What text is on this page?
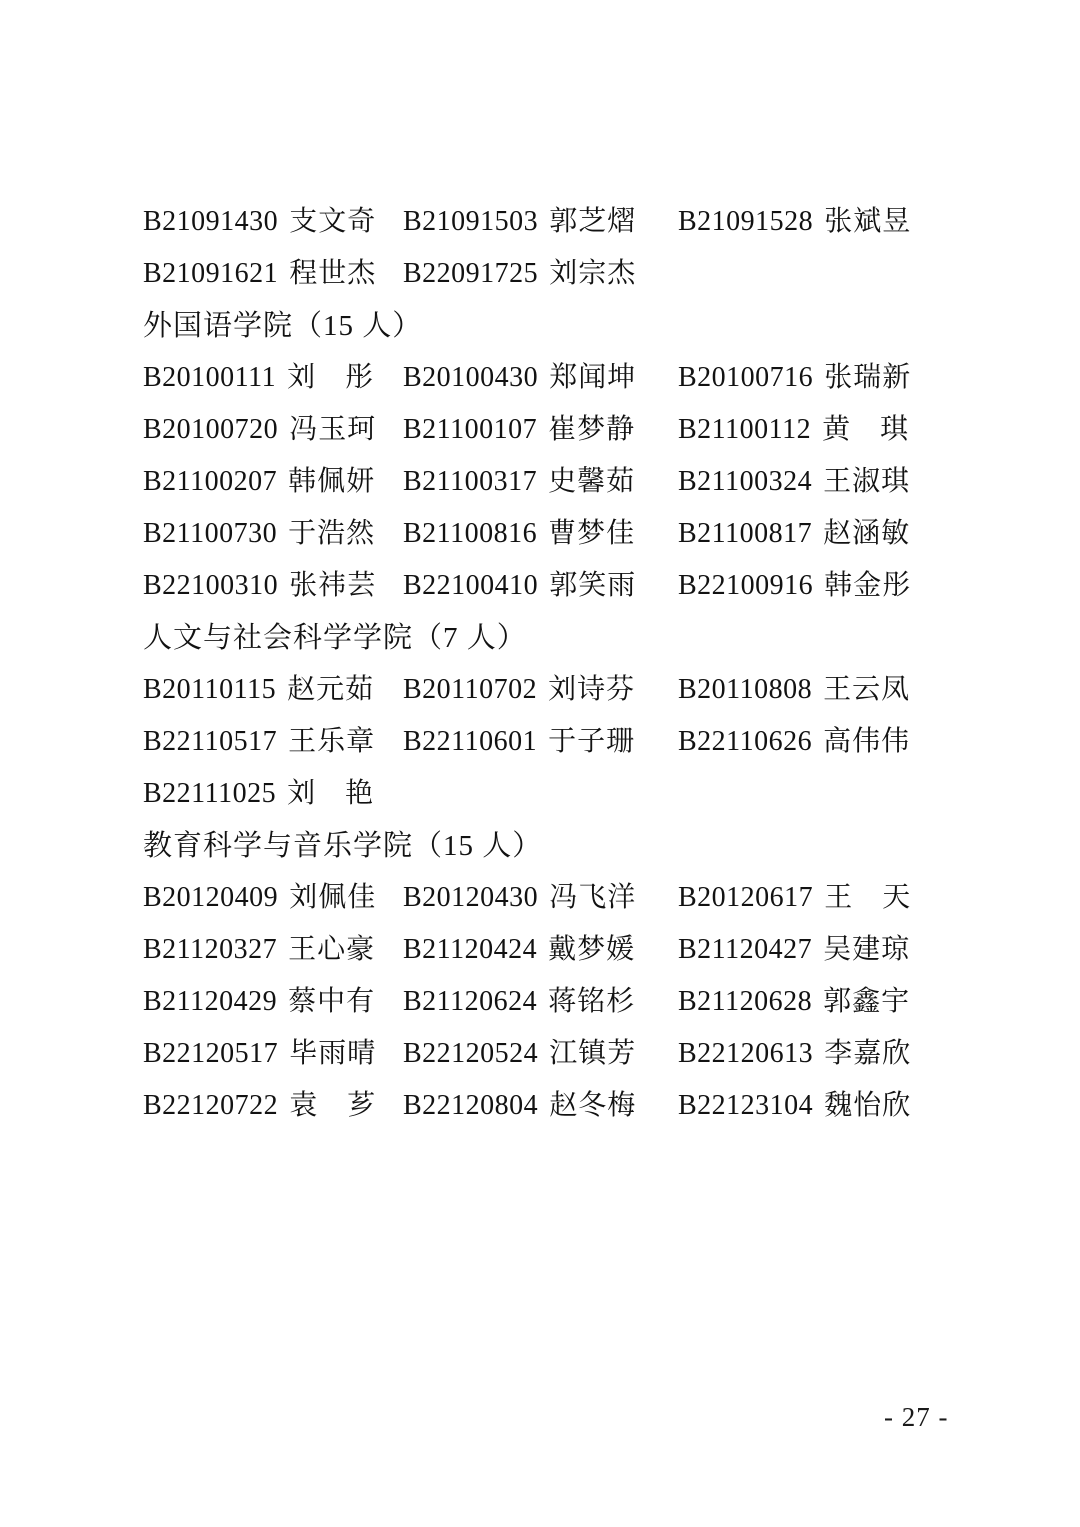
B21091430 支文奇 B21091503 郭芝熠	B21091528 张斌昱
B21091621 程世杰 B22091725 刘宗杰
外国语学院（15 人）
B20100111 刘　彤	B20100430 郑闻坤	B20100716 张瑞新
B20100720 冯玉珂 B21100107 崔梦静	B21100112 黄　琪
B21100207 韩佩妍 B21100317 史馨茹	B21100324 王淑琪
B21100730 于浩然 B21100816 曹梦佳	B21100817 赵涵敏
B22100310 张祎芸 B22100410 郭笑雨	B22100916 韩金彤
人文与社会科学学院（7 人）
B20110115 赵元茹	B20110702 刘诗芬	B20110808 王云凤
B22110517 王乐章 B22110601 于子珊	B22110626 高伟伟
B22111025 刘　艳
教育科学与音乐学院（15 人）
B20120409 刘佩佳 B20120430 冯飞洋	B20120617 王　天
B21120327 王心豪 B21120424 戴梦媛	B21120427 吴建琼
B21120429 蔡中有 B21120624 蒋铭杉	B21120628 郭鑫宇
B22120517 毕雨晴 B22120524 江镇芳	B22120613 李嘉欣
B22120722 袁　芗 B22120804 赵冬梅	B22123104 魏怡欣
- 27 -
